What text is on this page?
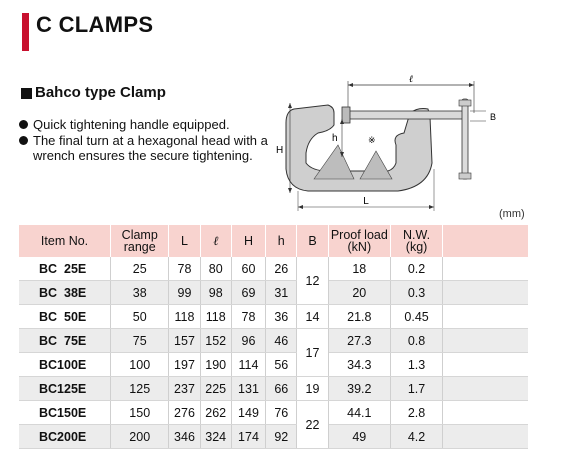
C CLAMPS
Bahco type Clamp
Quick tightening handle equipped.
The final turn at a hexagonal head with a wrench ensures the secure tightening.
ℓ
B
h	※
H
L
(mm)
Item No.	Clamp range	L	ℓ	H	h	B	Proof load (kN)	N.W. (kg)	
BC  25E	25	78	80	60	26	12	18	0.2	
BC  38E	38	99	98	69	31		20	0.3	
BC  50E	50	118	118	78	36	14	21.8	0.45	
BC  75E	75	157	152	96	46	17	27.3	0.8	
BC100E	100	197	190	114	56		34.3	1.3	
BC125E	125	237	225	131	66	19	39.2	1.7	
BC150E	150	276	262	149	76	22	44.1	2.8	
BC200E	200	346	324	174	92		49	4.2	
